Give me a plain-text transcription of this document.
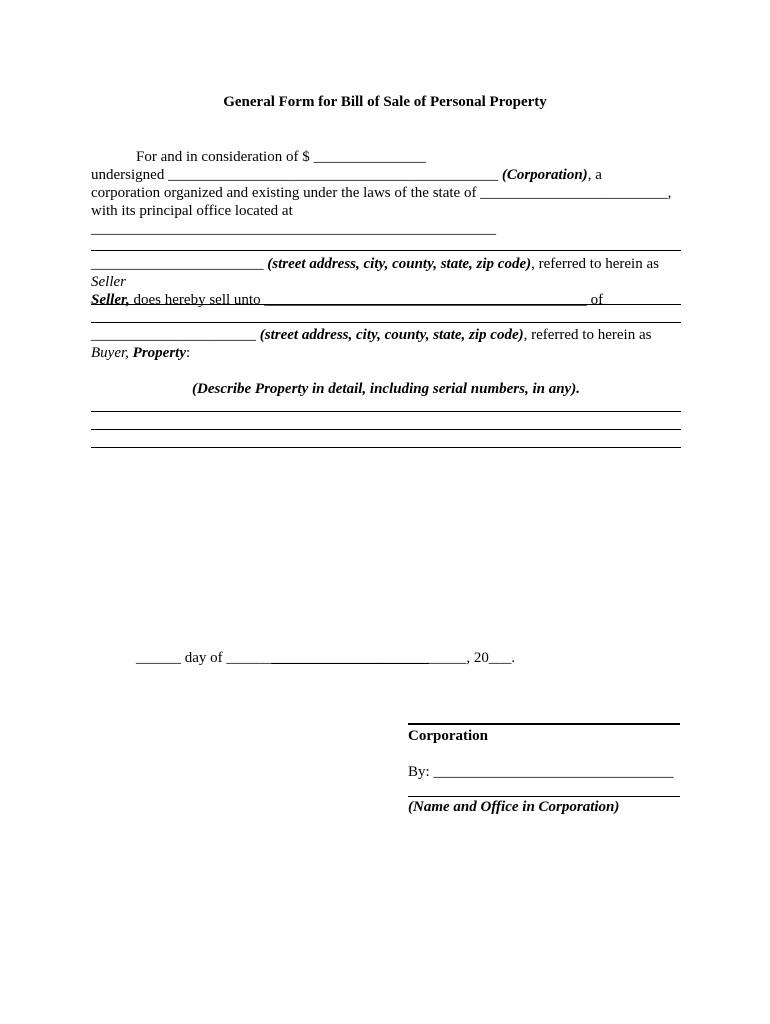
General Form for Bill of Sale of Personal Property
For and in consideration of $ _______________
undersigned ____________________________________________ (Corporation), a
corporation organized and existing under the laws of the state of _________________________,
with its principal office located at ______________________________________________________
_______________________ (street address, city, county, state, zip code), referred to herein as Seller
Seller, does hereby sell unto ___________________________________________ of
______________________ (street address, city, county, state, zip code), referred to herein as
Buyer, Property:
(Describe Property in detail, including serial numbers, in any).
______ day of ________________________________, 20___.
Corporation
By: ________________________________
(Name and Office in Corporation)
